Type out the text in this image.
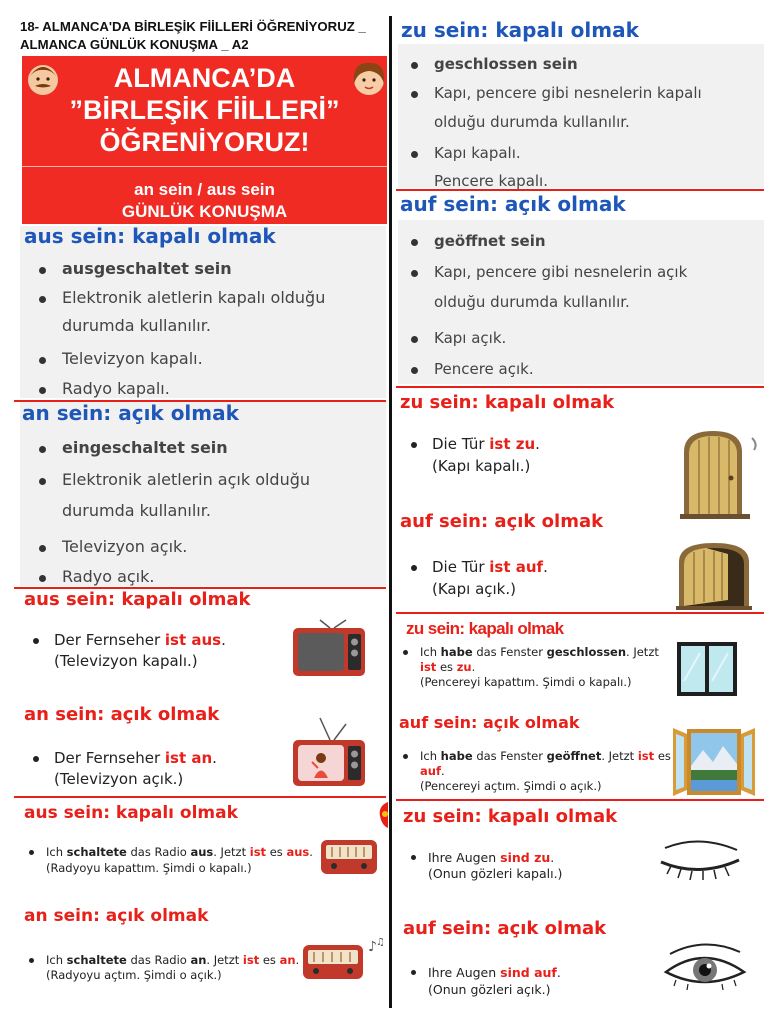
18- ALMANCA'DA BİRLEŞİK FİİLLERİ ÖĞRENİYORUZ _ ALMANCA GÜNLÜK KONUŞMA _ A2
ALMANCA’DA
”BİRLEŞİK FİİLLERİ”
ÖĞRENİYORUZ!
an sein / aus sein
GÜNLÜK KONUŞMA
aus sein: kapalı olmak
ausgeschaltet sein
Elektronik aletlerin kapalı olduğu
durumda kullanılır.
Televizyon kapalı.
Radyo kapalı.
an sein: açık olmak
eingeschaltet sein
Elektronik aletlerin açık olduğu
durumda kullanılır.
Televizyon açık.
Radyo açık.
aus sein: kapalı olmak
Der Fernseher ist aus.
(Televizyon kapalı.)
an sein: açık olmak
Der Fernseher ist an.
(Televizyon açık.)
aus sein: kapalı olmak
Ich schaltete das Radio aus. Jetzt ist es aus.
(Radyoyu kapattım. Şimdi o kapalı.)
an sein: açık olmak
Ich schaltete das Radio an. Jetzt ist es an.
(Radyoyu açtım. Şimdi o açık.)
♪ ♫
zu sein: kapalı olmak
geschlossen sein
Kapı, pencere gibi nesnelerin kapalı
olduğu durumda kullanılır.
Kapı kapalı.
Pencere kapalı.
auf sein: açık olmak
geöffnet sein
Kapı, pencere gibi nesnelerin açık
olduğu durumda kullanılır.
Kapı açık.
Pencere açık.
zu sein: kapalı olmak
Die Tür ist zu.
(Kapı kapalı.)
auf sein: açık olmak
Die Tür ist auf.
(Kapı açık.)
zu sein: kapalı olmak
Ich habe das Fenster geschlossen. Jetzt ist es zu.
(Pencereyi kapattım. Şimdi o kapalı.)
auf sein: açık olmak
Ich habe das Fenster geöffnet. Jetzt ist es auf.
(Pencereyi açtım. Şimdi o açık.)
zu sein: kapalı olmak
Ihre Augen sind zu.
(Onun gözleri kapalı.)
auf sein: açık olmak
Ihre Augen sind auf.
(Onun gözleri açık.)
